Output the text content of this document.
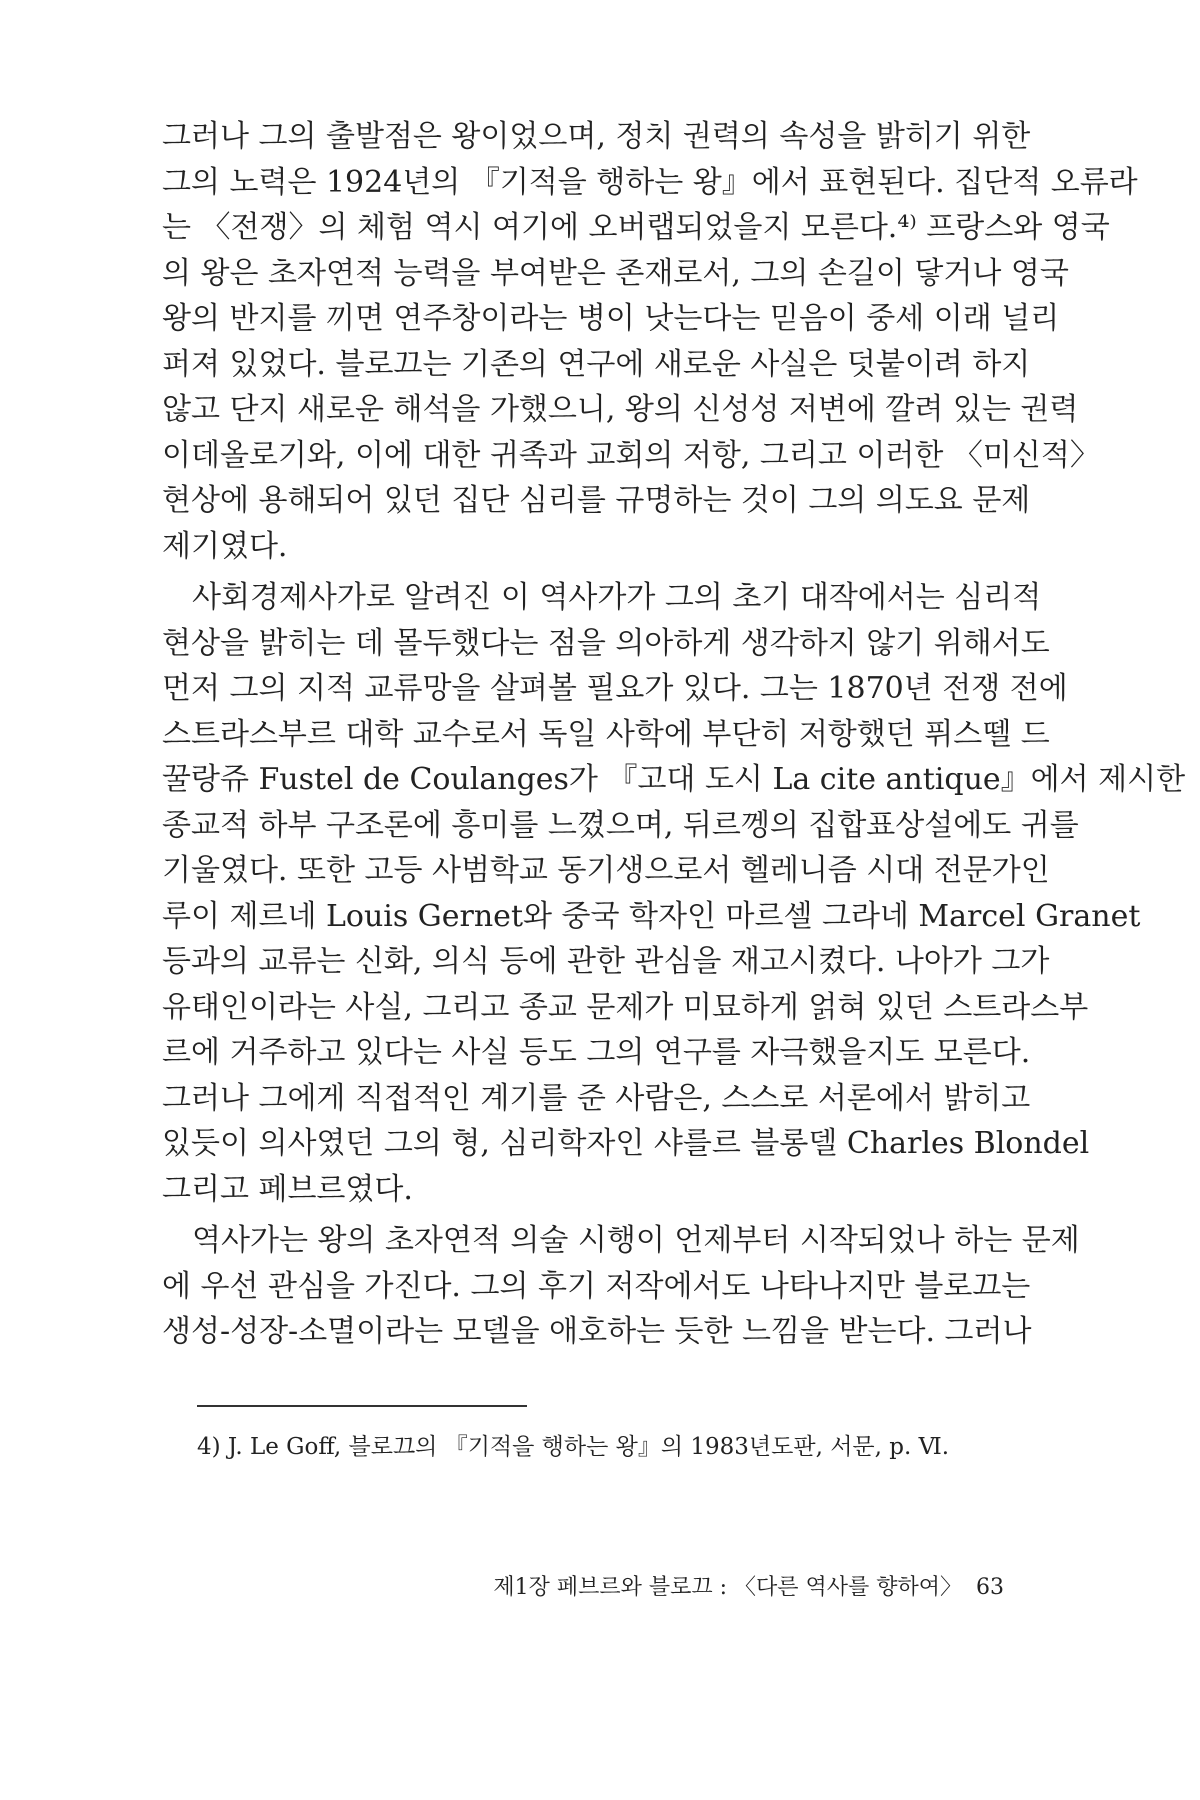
그러나 그의 출발점은 왕이었으며, 정치 권력의 속성을 밝히기 위한
그의 노력은 1924년의 『기적을 행하는 왕』에서 표현된다. 집단적 오류라
는 〈전쟁〉의 체험 역시 여기에 오버랩되었을지 모른다.⁴⁾ 프랑스와 영국
의 왕은 초자연적 능력을 부여받은 존재로서, 그의 손길이 닿거나 영국
왕의 반지를 끼면 연주창이라는 병이 낫는다는 믿음이 중세 이래 널리
퍼져 있었다. 블로끄는 기존의 연구에 새로운 사실은 덧붙이려 하지
않고 단지 새로운 해석을 가했으니, 왕의 신성성 저변에 깔려 있는 권력
이데올로기와, 이에 대한 귀족과 교회의 저항, 그리고 이러한 〈미신적〉
현상에 용해되어 있던 집단 심리를 규명하는 것이 그의 의도요 문제
제기였다.
사회경제사가로 알려진 이 역사가가 그의 초기 대작에서는 심리적
현상을 밝히는 데 몰두했다는 점을 의아하게 생각하지 않기 위해서도
먼저 그의 지적 교류망을 살펴볼 필요가 있다. 그는 1870년 전쟁 전에
스트라스부르 대학 교수로서 독일 사학에 부단히 저항했던 퓌스뗄 드
꿀랑쥬 Fustel de Coulanges가 『고대 도시 La cite antique』에서 제시한
종교적 하부 구조론에 흥미를 느꼈으며, 뒤르껭의 집합표상설에도 귀를
기울였다. 또한 고등 사범학교 동기생으로서 헬레니즘 시대 전문가인
루이 제르네 Louis Gernet와 중국 학자인 마르셀 그라네 Marcel Granet
등과의 교류는 신화, 의식 등에 관한 관심을 재고시켰다. 나아가 그가
유태인이라는 사실, 그리고 종교 문제가 미묘하게 얽혀 있던 스트라스부
르에 거주하고 있다는 사실 등도 그의 연구를 자극했을지도 모른다.
그러나 그에게 직접적인 계기를 준 사람은, 스스로 서론에서 밝히고
있듯이 의사였던 그의 형, 심리학자인 샤를르 블롱델 Charles Blondel
그리고 페브르였다.
역사가는 왕의 초자연적 의술 시행이 언제부터 시작되었나 하는 문제
에 우선 관심을 가진다. 그의 후기 저작에서도 나타나지만 블로끄는
생성-성장-소멸이라는 모델을 애호하는 듯한 느낌을 받는다. 그러나
4) J. Le Goff, 블로끄의 『기적을 행하는 왕』의 1983년도판, 서문, p. Ⅵ.
제1장 페브르와 블로끄 : 〈다른 역사를 향하여〉 63
